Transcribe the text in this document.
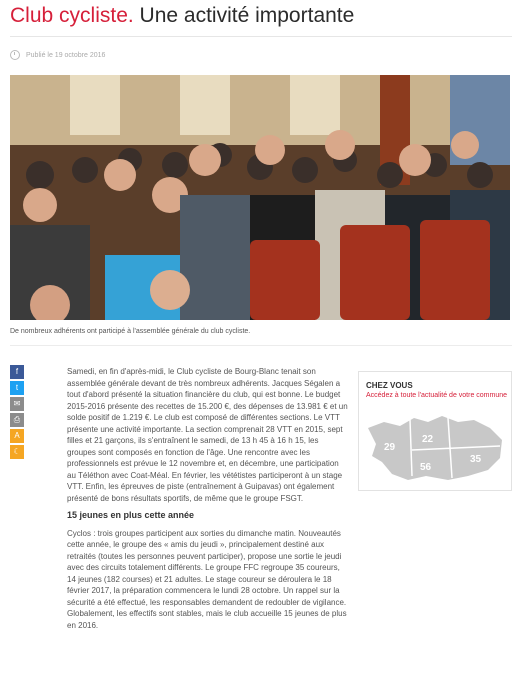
Club cycliste. Une activité importante
Publié le 19 octobre 2016
De nombreux adhérents ont participé à l'assemblée générale du club cycliste.
f
t
✉
⎙
A
☾

Samedi, en fin d'après-midi, le Club cycliste de Bourg-Blanc tenait son assemblée générale devant de très nombreux adhérents. Jacques Ségalen a tout d'abord présenté la situation financière du club, qui est bonne. Le budget 2015-2016 présente des recettes de 15.200 €, des dépenses de 13.981 € et un solde positif de 1.219 €. Le club est composé de différentes sections. Le VTT présente une activité importante. La section comprenait 28 VTT en 2015, sept filles et 21 garçons, ils s'entraînent le samedi, de 13 h 45 à 16 h 15, les groupes sont composés en fonction de l'âge. Une rencontre avec les professionnels est prévue le 12 novembre et, en décembre, une participation au Téléthon avec Coat-Méal. En février, les vététistes participeront à un stage VTT. Enfin, les épreuves de piste (entraînement à Guipavas) ont également présenté de bons résultats sportifs, de même que le groupe FSGT.

15 jeunes en plus cette année

Cyclos : trois groupes participent aux sorties du dimanche matin. Nouveautés cette année, le groupe des « amis du jeudi », principalement destiné aux retraités (toutes les personnes peuvent participer), propose une sortie le jeudi avec des circuits totalement différents. Le groupe FFC regroupe 35 coureurs, 14 jeunes (182 courses) et 21 adultes. Le stage coureur se déroulera le 18 février 2017, la préparation commencera le lundi 28 octobre. Un rappel sur la sécurité a été effectué, les responsables demandent de redoubler de vigilance. Globalement, les effectifs sont stables, mais le club accueille 15 jeunes de plus en 2016.

CHEZ VOUS
Accédez à toute l'actualité de votre commune
29
22
56
35
